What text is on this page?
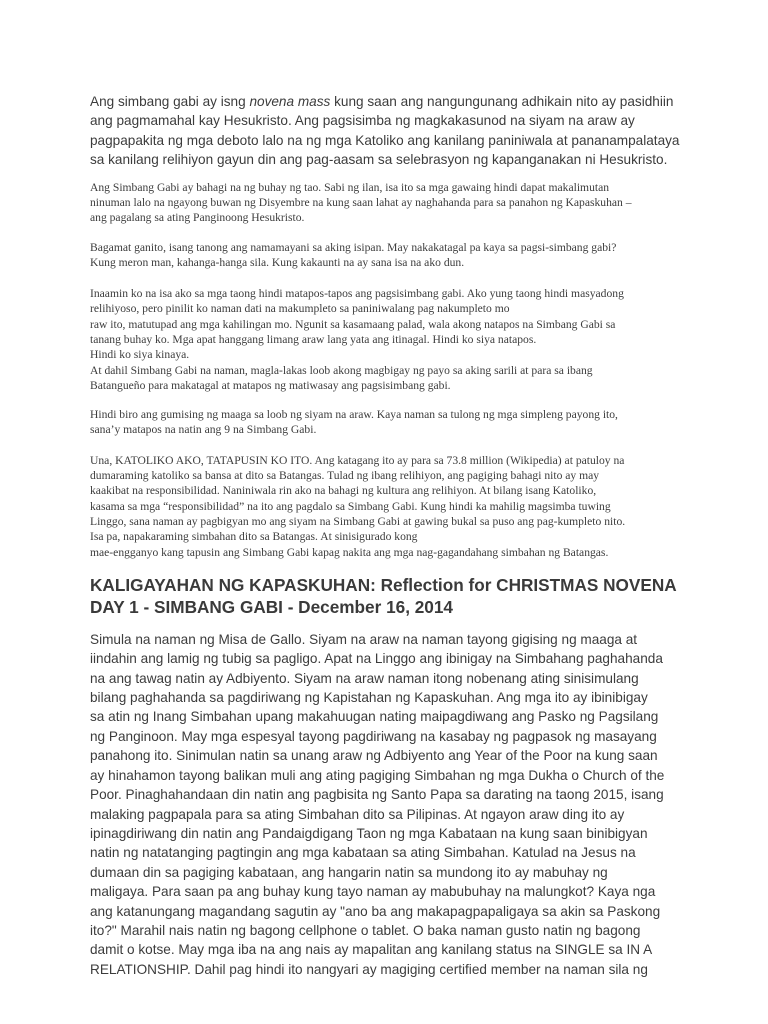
Ang simbang gabi ay isng novena mass kung saan ang nangungunang adhikain nito ay pasidhiin
ang pagmamahal kay Hesukristo. Ang pagsisimba ng magkakasunod na siyam na araw ay
pagpapakita ng mga deboto lalo na ng mga Katoliko ang kanilang paniniwala at pananampalataya
sa kanilang relihiyon gayun din ang pag-aasam sa selebrasyon ng kapanganakan ni Hesukristo.

Ang Simbang Gabi ay bahagi na ng buhay ng tao. Sabi ng ilan, isa ito sa mga gawaing hindi dapat makalimutan
ninuman lalo na ngayong buwan ng Disyembre na kung saan lahat ay naghahanda para sa panahon ng Kapaskuhan –
ang pagalang sa ating Panginoong Hesukristo.

Bagamat ganito, isang tanong ang namamayani sa aking isipan. May nakakatagal pa kaya sa pagsi-simbang gabi?
Kung meron man, kahanga-hanga sila. Kung kakaunti na ay sana isa na ako dun.

Inaamin ko na isa ako sa mga taong hindi matapos-tapos ang pagsisimbang gabi. Ako yung taong hindi masyadong
relihiyoso, pero pinilit ko naman dati na makumpleto sa paniniwalang pag nakumpleto mo
raw ito, matutupad ang mga kahilingan mo. Ngunit sa kasamaang palad, wala akong natapos na Simbang Gabi sa
tanang buhay ko. Mga apat hanggang limang araw lang yata ang itinagal. Hindi ko siya natapos.
Hindi ko siya kinaya.
At dahil Simbang Gabi na naman, magla-lakas loob akong magbigay ng payo sa aking sarili at para sa ibang
Batangueño para makatagal at matapos ng matiwasay ang pagsisimbang gabi.

Hindi biro ang gumising ng maaga sa loob ng siyam na araw. Kaya naman sa tulong ng mga simpleng payong ito,
sana’y matapos na natin ang 9 na Simbang Gabi.

Una, KATOLIKO AKO, TATAPUSIN KO ITO. Ang katagang ito ay para sa 73.8 million (Wikipedia) at patuloy na
dumaraming katoliko sa bansa at dito sa Batangas. Tulad ng ibang relihiyon, ang pagiging bahagi nito ay may
kaakibat na responsibilidad. Naniniwala rin ako na bahagi ng kultura ang relihiyon. At bilang isang Katoliko,
kasama sa mga “responsibilidad” na ito ang pagdalo sa Simbang Gabi. Kung hindi ka mahilig magsimba tuwing
Linggo, sana naman ay pagbigyan mo ang siyam na Simbang Gabi at gawing bukal sa puso ang pag-kumpleto nito.
Isa pa, napakaraming simbahan dito sa Batangas. At sinisigurado kong
mae-engganyo kang tapusin ang Simbang Gabi kapag nakita ang mga nag-gagandahang simbahan ng Batangas.

KALIGAYAHAN NG KAPASKUHAN: Reflection for CHRISTMAS NOVENA
DAY 1 - SIMBANG GABI - December 16, 2014

Simula na naman ng Misa de Gallo. Siyam na araw na naman tayong gigising ng maaga at
iindahin ang lamig ng tubig sa pagligo. Apat na Linggo ang ibinigay na Simbahang paghahanda
na ang tawag natin ay Adbiyento. Siyam na araw naman itong nobenang ating sinisimulang
bilang paghahanda sa pagdiriwang ng Kapistahan ng Kapaskuhan. Ang mga ito ay ibinibigay
sa atin ng Inang Simbahan upang makahuugan nating maipagdiwang ang Pasko ng Pagsilang
ng Panginoon. May mga espesyal tayong pagdiriwang na kasabay ng pagpasok ng masayang
panahong ito. Sinimulan natin sa unang araw ng Adbiyento ang Year of the Poor na kung saan
ay hinahamon tayong balikan muli ang ating pagiging Simbahan ng mga Dukha o Church of the
Poor. Pinaghahandaan din natin ang pagbisita ng Santo Papa sa darating na taong 2015, isang
malaking pagpapala para sa ating Simbahan dito sa Pilipinas. At ngayon araw ding ito ay
ipinagdiriwang din natin ang Pandaigdigang Taon ng mga Kabataan na kung saan binibigyan
natin ng natatanging pagtingin ang mga kabataan sa ating Simbahan. Katulad na Jesus na
dumaan din sa pagiging kabataan, ang hangarin natin sa mundong ito ay mabuhay ng
maligaya. Para saan pa ang buhay kung tayo naman ay mabubuhay na malungkot? Kaya nga
ang katanungang magandang sagutin ay "ano ba ang makapagpapaligaya sa akin sa Paskong
ito?" Marahil nais natin ng bagong cellphone o tablet. O baka naman gusto natin ng bagong
damit o kotse. May mga iba na ang nais ay mapalitan ang kanilang status na SINGLE sa IN A
RELATIONSHIP. Dahil pag hindi ito nangyari ay magiging certified member na naman sila ng
